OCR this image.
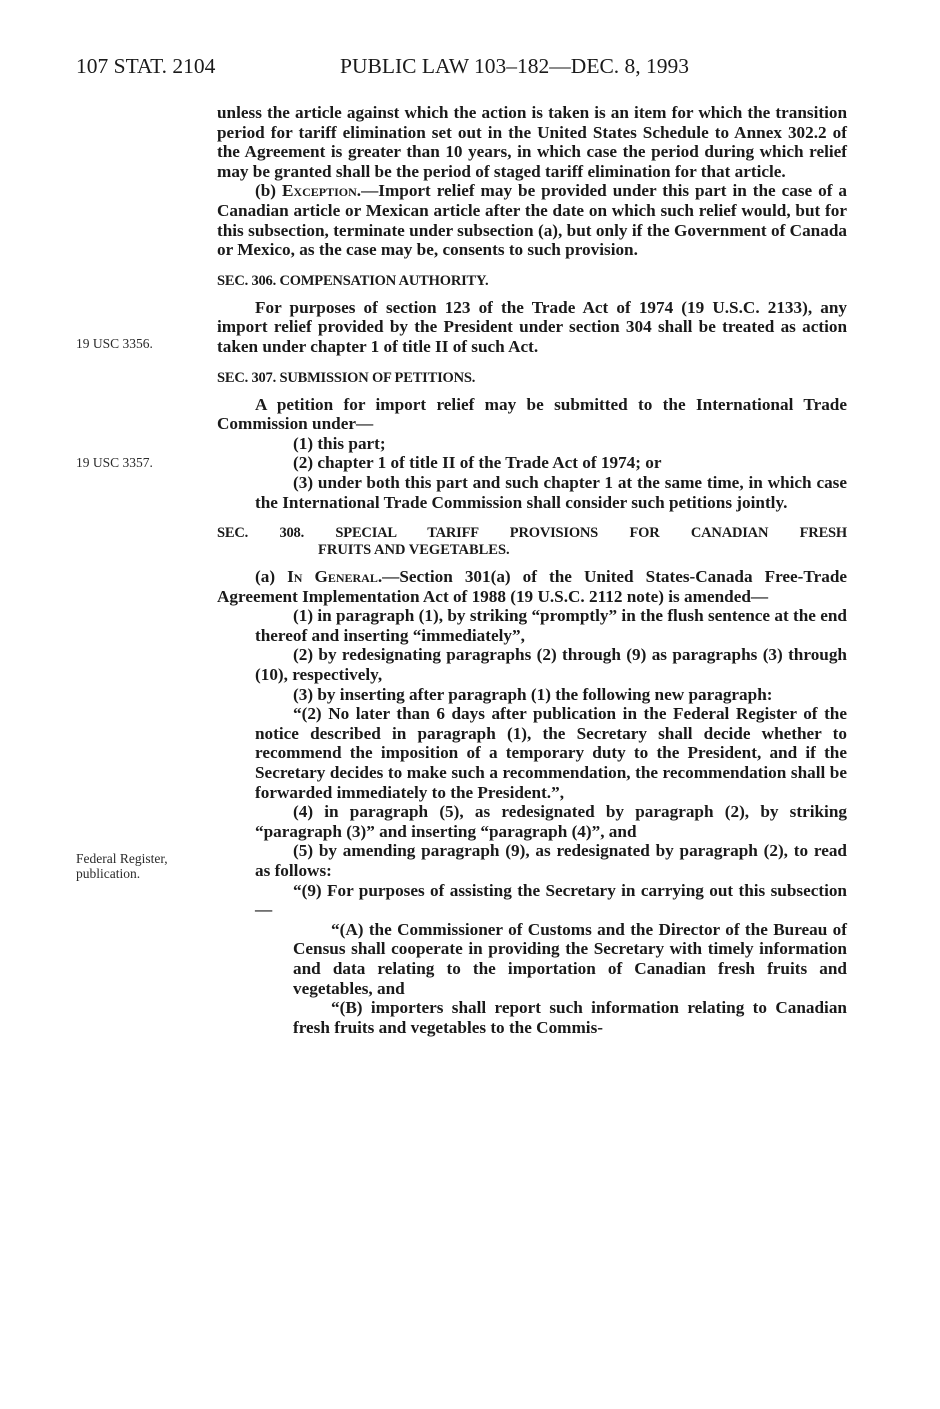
107 STAT. 2104	PUBLIC LAW 103–182—DEC. 8, 1993
19 USC 3356.
19 USC 3357.
Federal Register, publication.

unless the article against which the action is taken is an item for which the transition period for tariff elimination set out in the United States Schedule to Annex 302.2 of the Agreement is greater than 10 years, in which case the period during which relief may be granted shall be the period of staged tariff elimination for that article.

(b) Exception.—Import relief may be provided under this part in the case of a Canadian article or Mexican article after the date on which such relief would, but for this subsection, terminate under subsection (a), but only if the Government of Canada or Mexico, as the case may be, consents to such provision.

SEC. 306. COMPENSATION AUTHORITY.

For purposes of section 123 of the Trade Act of 1974 (19 U.S.C. 2133), any import relief provided by the President under section 304 shall be treated as action taken under chapter 1 of title II of such Act.

SEC. 307. SUBMISSION OF PETITIONS.

A petition for import relief may be submitted to the International Trade Commission under—

(1) this part;

(2) chapter 1 of title II of the Trade Act of 1974; or

(3) under both this part and such chapter 1 at the same time, in which case the International Trade Commission shall consider such petitions jointly.

SEC. 308. SPECIAL TARIFF PROVISIONS FOR CANADIAN FRESH

FRUITS AND VEGETABLES.

(a) In General.—Section 301(a) of the United States-Canada Free-Trade Agreement Implementation Act of 1988 (19 U.S.C. 2112 note) is amended—

(1) in paragraph (1), by striking “promptly” in the flush sentence at the end thereof and inserting “immediately”,

(2) by redesignating paragraphs (2) through (9) as paragraphs (3) through (10), respectively,

(3) by inserting after paragraph (1) the following new paragraph:

“(2) No later than 6 days after publication in the Federal Register of the notice described in paragraph (1), the Secretary shall decide whether to recommend the imposition of a temporary duty to the President, and if the Secretary decides to make such a recommendation, the recommendation shall be forwarded immediately to the President.”,

(4) in paragraph (5), as redesignated by paragraph (2), by striking “paragraph (3)” and inserting “paragraph (4)”, and

(5) by amending paragraph (9), as redesignated by paragraph (2), to read as follows:

“(9) For purposes of assisting the Secretary in carrying out this subsection—

“(A) the Commissioner of Customs and the Director of the Bureau of Census shall cooperate in providing the Secretary with timely information and data relating to the importation of Canadian fresh fruits and vegetables, and

“(B) importers shall report such information relating to Canadian fresh fruits and vegetables to the Commis-
